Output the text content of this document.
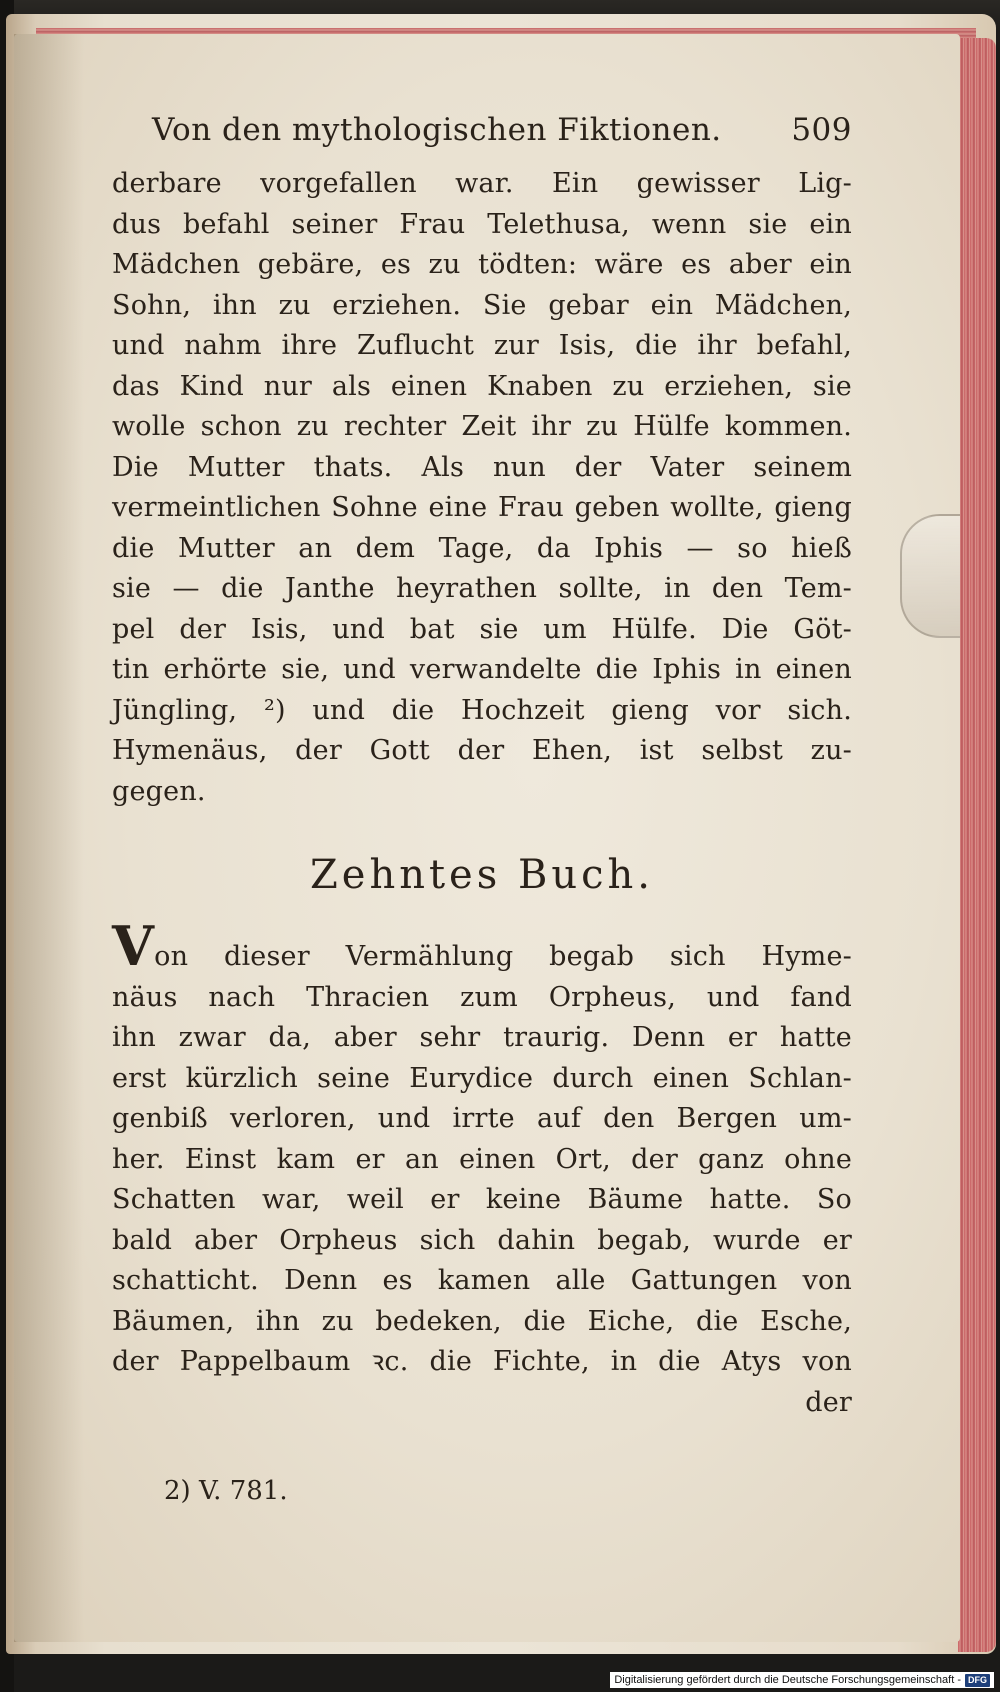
Von den mythologischen Fiktionen. 509
derbare vorgefallen war. Ein gewisser Lig-
dus befahl seiner Frau Telethusa, wenn sie ein
Mädchen gebäre, es zu tödten: wäre es aber ein
Sohn, ihn zu erziehen. Sie gebar ein Mädchen,
und nahm ihre Zuflucht zur Isis, die ihr befahl,
das Kind nur als einen Knaben zu erziehen, sie
wolle schon zu rechter Zeit ihr zu Hülfe kommen.
Die Mutter thats. Als nun der Vater seinem
vermeintlichen Sohne eine Frau geben wollte, gieng
die Mutter an dem Tage, da Iphis — so hieß
sie — die Janthe heyrathen sollte, in den Tem-
pel der Isis, und bat sie um Hülfe. Die Göt-
tin erhörte sie, und verwandelte die Iphis in einen
Jüngling, ²) und die Hochzeit gieng vor sich.
Hymenäus, der Gott der Ehen, ist selbst zu-
gegen.
Zehntes Buch.
Von dieser Vermählung begab sich Hyme-
näus nach Thracien zum Orpheus, und fand
ihn zwar da, aber sehr traurig. Denn er hatte
erst kürzlich seine Eurydice durch einen Schlan-
genbiß verloren, und irrte auf den Bergen um-
her. Einst kam er an einen Ort, der ganz ohne
Schatten war, weil er keine Bäume hatte. So
bald aber Orpheus sich dahin begab, wurde er
schatticht. Denn es kamen alle Gattungen von
Bäumen, ihn zu bedeken, die Eiche, die Esche,
der Pappelbaum ꝛc. die Fichte, in die Atys von
der
2) V. 781.
Digitalisierung gefördert durch die Deutsche Forschungsgemeinschaft - DFG
